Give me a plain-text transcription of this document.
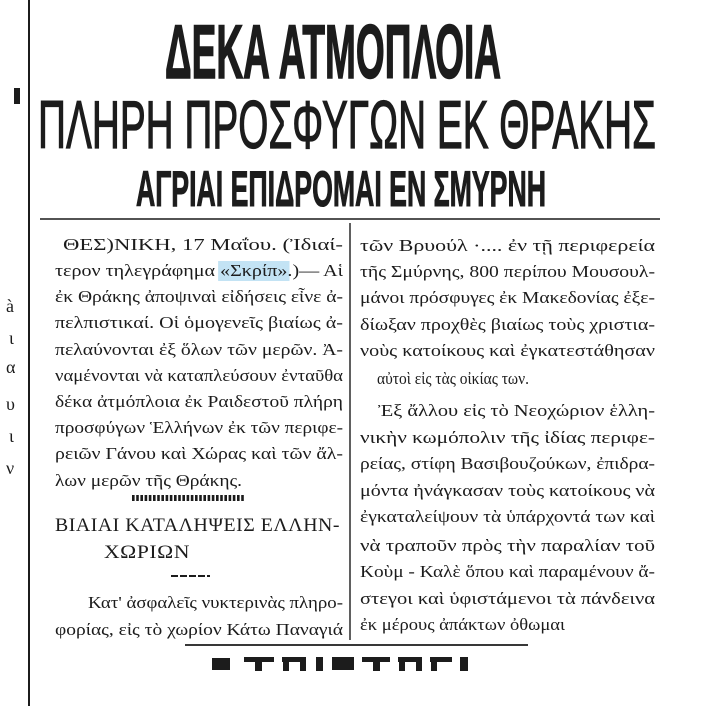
à
ι
α
υ
ι
ν
ΔΕΚΑ ΑΤΜΟΠΛΟΙΑ
ΠΛΗΡΗ ΠΡΟΣΦΥΓΩΝ ΕΚ ΘΡΑΚΗΣ
ΑΓΡΙΑΙ ΕΠΙΔΡΟΜΑΙ ΕΝ ΣΜΥΡΝΗ
ΘΕΣ)ΝΙΚΗ, 17 Μαΐου. (Ἰδιαί-
τερον τηλεγράφημα «Σκρίπ» .)— Αἱ
ἐκ Θράκης ἀποψιναὶ εἰδήσεις εἶνε ἀ-
πελπιστικαί. Οἱ ὁμογενεῖς βιαίως ἀ-
πελαύνονται ἐξ ὅλων τῶν μερῶν. Ἀ-
ναμένονται νὰ καταπλεύσουν ἐνταῦθα
δέκα ἀτμόπλοια ἐκ Ραιδεστοῦ πλήρη
προσφύγων Ἑλλήνων ἐκ τῶν περιφε-
ρειῶν Γάνου καὶ Χώρας καὶ τῶν ἄλ-
λων μερῶν τῆς Θράκης.
ΒΙΑΙΑΙ ΚΑΤΑΛΗΨΕΙΣ ΕΛΛΗΝ-
ΧΩΡΙΩΝ
Κατ' ἀσφαλεῖς νυκτερινὰς πληρο-
φορίας, εἰς τὸ χωρίον Κάτω Παναγιά
τῶν Βρυούλ ·.... ἐν τῇ περιφερεία
τῆς Σμύρνης, 800 περίπου Μουσουλ-
μάνοι πρόσφυγες ἐκ Μακεδονίας ἐξε-
δίωξαν προχθὲς βιαίως τοὺς χριστια-
νοὺς κατοίκους καὶ ἐγκατεστάθησαν
αὐτοὶ εἰς τὰς οἰκίας των.
Ἐξ ἄλλου εἰς τὸ Νεοχώριον ἑλλη-
νικὴν κωμόπολιν τῆς ἰδίας περιφε-
ρείας, στίφη Βασιβουζούκων, ἐπιδρα-
μόντα ἠνάγκασαν τοὺς κατοίκους νὰ
ἐγκαταλείψουν τὰ ὑπάρχοντά των καὶ
νὰ τραποῦν πρὸς τὴν παραλίαν τοῦ
Κοὺμ - Καλὲ ὅπου καὶ παραμένουν ἄ-
στεγοι καὶ ὑφιστάμενοι τὰ πάνδεινα
ἐκ μέρους ἀπάκτων ὀθωμαι
